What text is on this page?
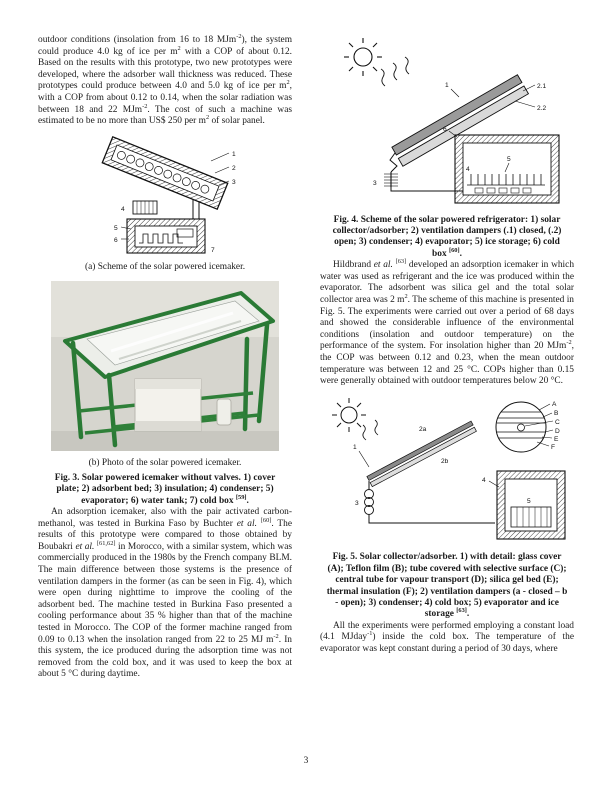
outdoor conditions (insolation from 16 to 18 MJm$^{-2}$), the system could produce 4.0 kg of ice per $m^2$ with a COP of about 0.12. Based on the results with this prototype, two new prototypes were developed, where the adsorber wall thickness was reduced. These prototypes could produce between 4.0 and 5.0 kg of ice per $m^2$, with a COP from about 0.12 to 0.14, when the solar radiation was between 18 and 22 MJm$^{-2}$. The cost of such a machine was estimated to be no more than US$ 250 per $m^2$ of solar panel.

1
2
3
4
5
6
7
(a) Scheme of the solar powered icemaker.
(b) Photo of the solar powered icemaker.
Fig. 3. Solar powered icemaker without valves. 1) cover plate; 2) adsorbent bed; 3) insulation; 4) condenser; 5) evaporator; 6) water tank; 7) cold box [59].

An adsorption icemaker, also with the pair activated carbon-methanol, was tested in Burkina Faso by Buchter et al. [60]. The results of this prototype were compared to those obtained by Boubakri et al. [61,62] in Morocco, with a similar system, which was commercially produced in the 1980s by the French company BLM. The main difference between those systems is the presence of ventilation dampers in the former (as can be seen in Fig. 4), which were open during nighttime to improve the cooling of the adsorbent bed. The machine tested in Burkina Faso presented a cooling performance about 35 % higher than that of the machine tested in Morocco. The COP of the former machine ranged from 0.09 to 0.13 when the insolation ranged from 22 to 25 MJ $m^{-2}$. In this system, the ice produced during the adsorption time was not removed from the cold box, and it was used to keep the box at about 5 °C during daytime.

2.1
2.2
1
3
6
5
4
Fig. 4. Scheme of the solar powered refrigerator: 1) solar collector/adsorber; 2) ventilation dampers (.1) closed, (.2) open; 3) condenser; 4) evaporator; 5) ice storage; 6) cold box [60].

Hildbrand et al. [63] developed an adsorption icemaker in which water was used as refrigerant and the ice was produced within the evaporator. The adsorbent was silica gel and the total solar collector area was 2 $m^2$. The scheme of this machine is presented in Fig. 5. The experiments were carried out over a period of 68 days and showed the considerable influence of the environmental conditions (insolation and outdoor temperature) on the performance of the system. For insolation higher than 20 MJm$^{-2}$, the COP was between 0.12 and 0.23, when the mean outdoor temperature was between 12 and 25 °C. COPs higher than 0.15 were generally obtained with outdoor temperatures below 20 °C.

1
2a
2b
A
B
C
D
E
F
3
4
5
Fig. 5. Solar collector/adsorber. 1) with detail: glass cover (A); Teflon film (B); tube covered with selective surface (C); central tube for vapour transport (D); silica gel bed (E); thermal insulation (F); 2) ventilation dampers (a - closed – b - open); 3) condenser; 4) cold box; 5) evaporator and ice storage [63].

All the experiments were performed employing a constant load (4.1 MJday$^{-1}$) inside the cold box. The temperature of the evaporator was kept constant during a period of 30 days, where

3
